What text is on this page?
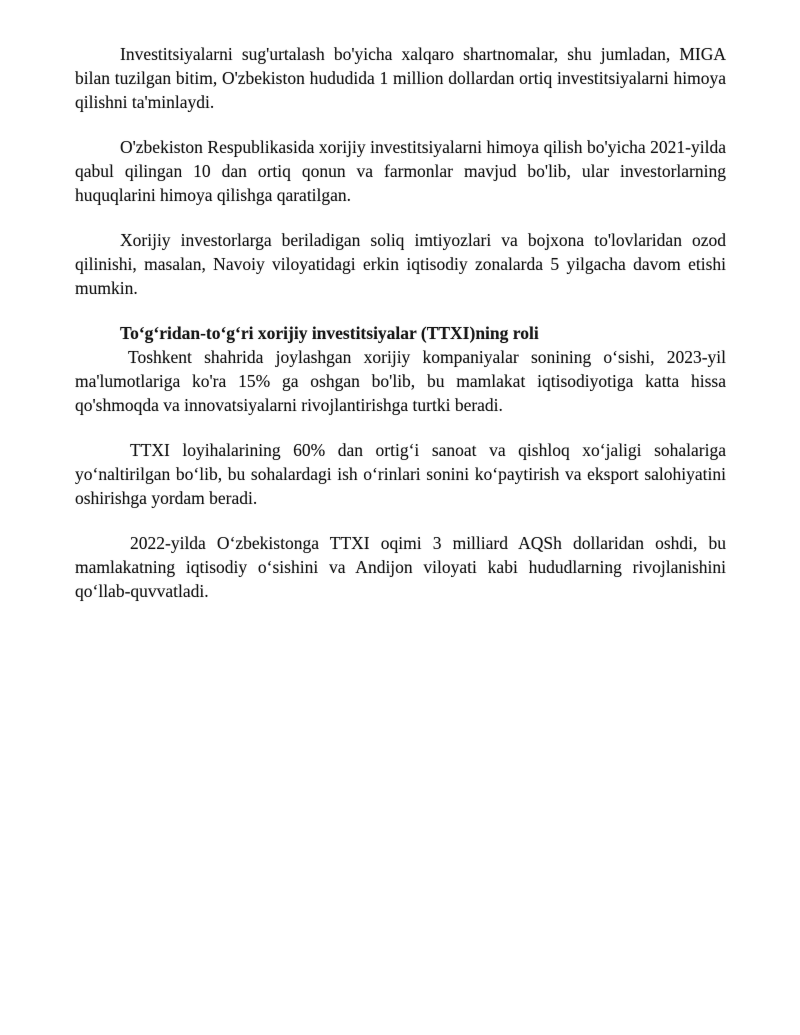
Investitsiyalarni sug'urtalash bo'yicha xalqaro shartnomalar, shu jumladan, MIGA bilan tuzilgan bitim, O'zbekiston hududida 1 million dollardan ortiq investitsiyalarni himoya qilishni ta'minlaydi.

O'zbekiston Respublikasida xorijiy investitsiyalarni himoya qilish bo'yicha 2021-yilda qabul qilingan 10 dan ortiq qonun va farmonlar mavjud bo'lib, ular investorlarning huquqlarini himoya qilishga qaratilgan.

Xorijiy investorlarga beriladigan soliq imtiyozlari va bojxona to'lovlaridan ozod qilinishi, masalan, Navoiy viloyatidagi erkin iqtisodiy zonalarda 5 yilgacha davom etishi mumkin.

To‘g‘ridan-to‘g‘ri xorijiy investitsiyalar (TTXI)ning roli

Toshkent shahrida joylashgan xorijiy kompaniyalar sonining o‘sishi, 2023-yil ma'lumotlariga ko'ra 15% ga oshgan bo'lib, bu mamlakat iqtisodiyotiga katta hissa qo'shmoqda va innovatsiyalarni rivojlantirishga turtki beradi.

TTXI loyihalarining 60% dan ortig‘i sanoat va qishloq xo‘jaligi sohalariga yo‘naltirilgan bo‘lib, bu sohalardagi ish o‘rinlari sonini ko‘paytirish va eksport salohiyatini oshirishga yordam beradi.

2022-yilda O‘zbekistonga TTXI oqimi 3 milliard AQSh dollaridan oshdi, bu mamlakatning iqtisodiy o‘sishini va Andijon viloyati kabi hududlarning rivojlanishini qo‘llab-quvvatladi.
